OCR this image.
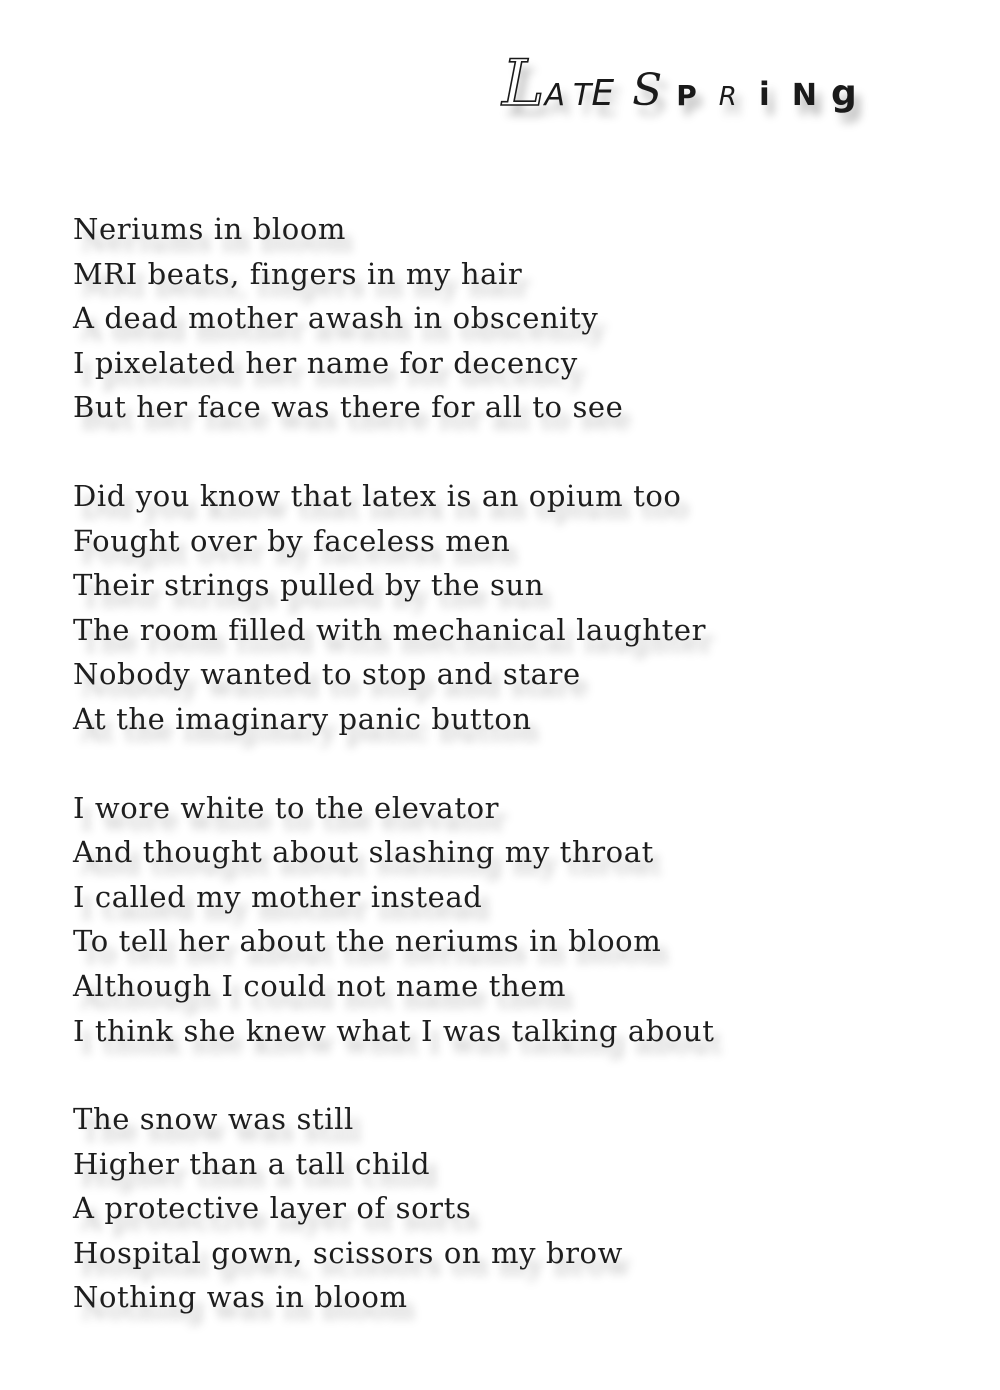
LA TE S P R i N g
Neriums in bloom
MRI beats, fingers in my hair
A dead mother awash in obscenity
I pixelated her name for decency
But her face was there for all to see
Did you know that latex is an opium too
Fought over by faceless men
Their strings pulled by the sun
The room filled with mechanical laughter
Nobody wanted to stop and stare
At the imaginary panic button
I wore white to the elevator
And thought about slashing my throat
I called my mother instead
To tell her about the neriums in bloom
Although I could not name them
I think she knew what I was talking about
The snow was still
Higher than a tall child
A protective layer of sorts
Hospital gown, scissors on my brow
Nothing was in bloom
